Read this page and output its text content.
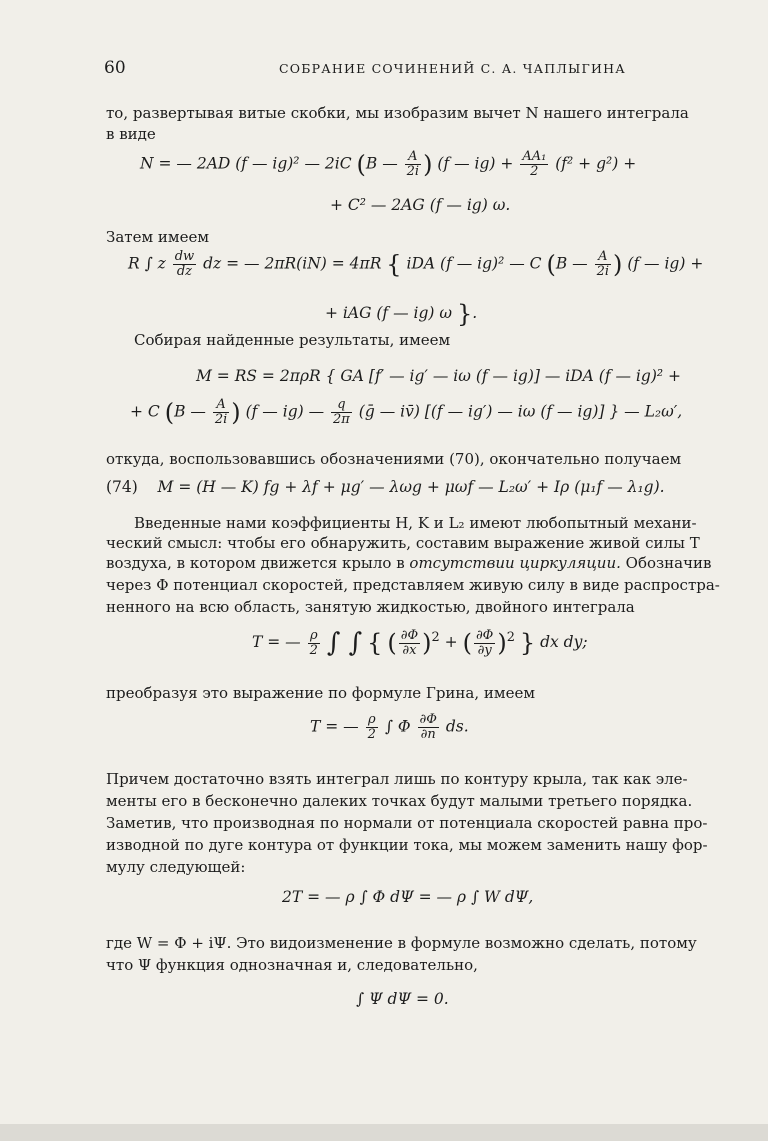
60	СОБРАНИЕ СОЧИНЕНИЙ С. А. ЧАПЛЫГИНА
то, развертывая витые скобки, мы изобразим вычет N нашего интеграла
в виде
N = — 2AD (f — ig)² — 2iC (B — $\frac{A}{2i}$ ) (f — $ig) + \frac{\text{AA₁}}{2} (f^2 + g^2)$ +
+ C² — 2AG (f — ig) ω.
Затем имеем
R ∫ z $\frac{dw}{dz}$ dz = — 2πR(iN) = 4πR { iDA (f — ig)² — C (B — $\frac{A}{2i}$ ) (f — ig) +
+ iAG (f — ig) ω }.
Собирая найденные результаты, имеем
M = RS = 2πρR { GA [f′ — ig′ — iω (f — ig)] — iDA (f — ig)² +
+ C (B — $\frac{A}{2i}$ ) (f — ig) — $\frac{q}{2\pi}$ (ḡ — iv̄) [(f — ig′) — iω (f — ig)] } — L₂ω′,
откуда, воспользовавшись обозначениями (70), окончательно получаем
(74) M = (H — K) fg + λf + μg′ — λωg + μωf — L₂ω′ + Iρ (μ₁f — λ₁g).
Введенные нами коэффициенты H, K и L₂ имеют любопытный механи-
ческий смысл: чтобы его обнаружить, составим выражение живой силы T
воздуха, в котором движется крыло в отсутствии циркуляции. Обозначив
через Φ потенциал скоростей, представляем живую силу в виде распростра-
ненного на всю область, занятую жидкостью, двойного интеграла
T = — $\frac{\rho}{2}$ ∫ ∫ { ( $\frac{\partial\Phi}{\partial x} )^2$ + ( $\frac{\partial\Phi}{\partial y} )^2$ } dx dy;
преобразуя это выражение по формуле Грина, имеем
T = — $\frac{\rho}{2}$ ∫ Φ $\frac{\partial\Phi}{\partial n}$ ds.
Причем достаточно взять интеграл лишь по контуру крыла, так как эле-
менты его в бесконечно далеких точках будут малыми третьего порядка.
Заметив, что производная по нормали от потенциала скоростей равна про-
изводной по дуге контура от функции тока, мы можем заменить нашу фор-
мулу следующей:
2T = — ρ ∫ Φ dΨ = — ρ ∫ W dΨ,
где W = Φ + iΨ. Это видоизменение в формуле возможно сделать, потому
что Ψ функция однозначная и, следовательно,
∫ Ψ dΨ = 0.
